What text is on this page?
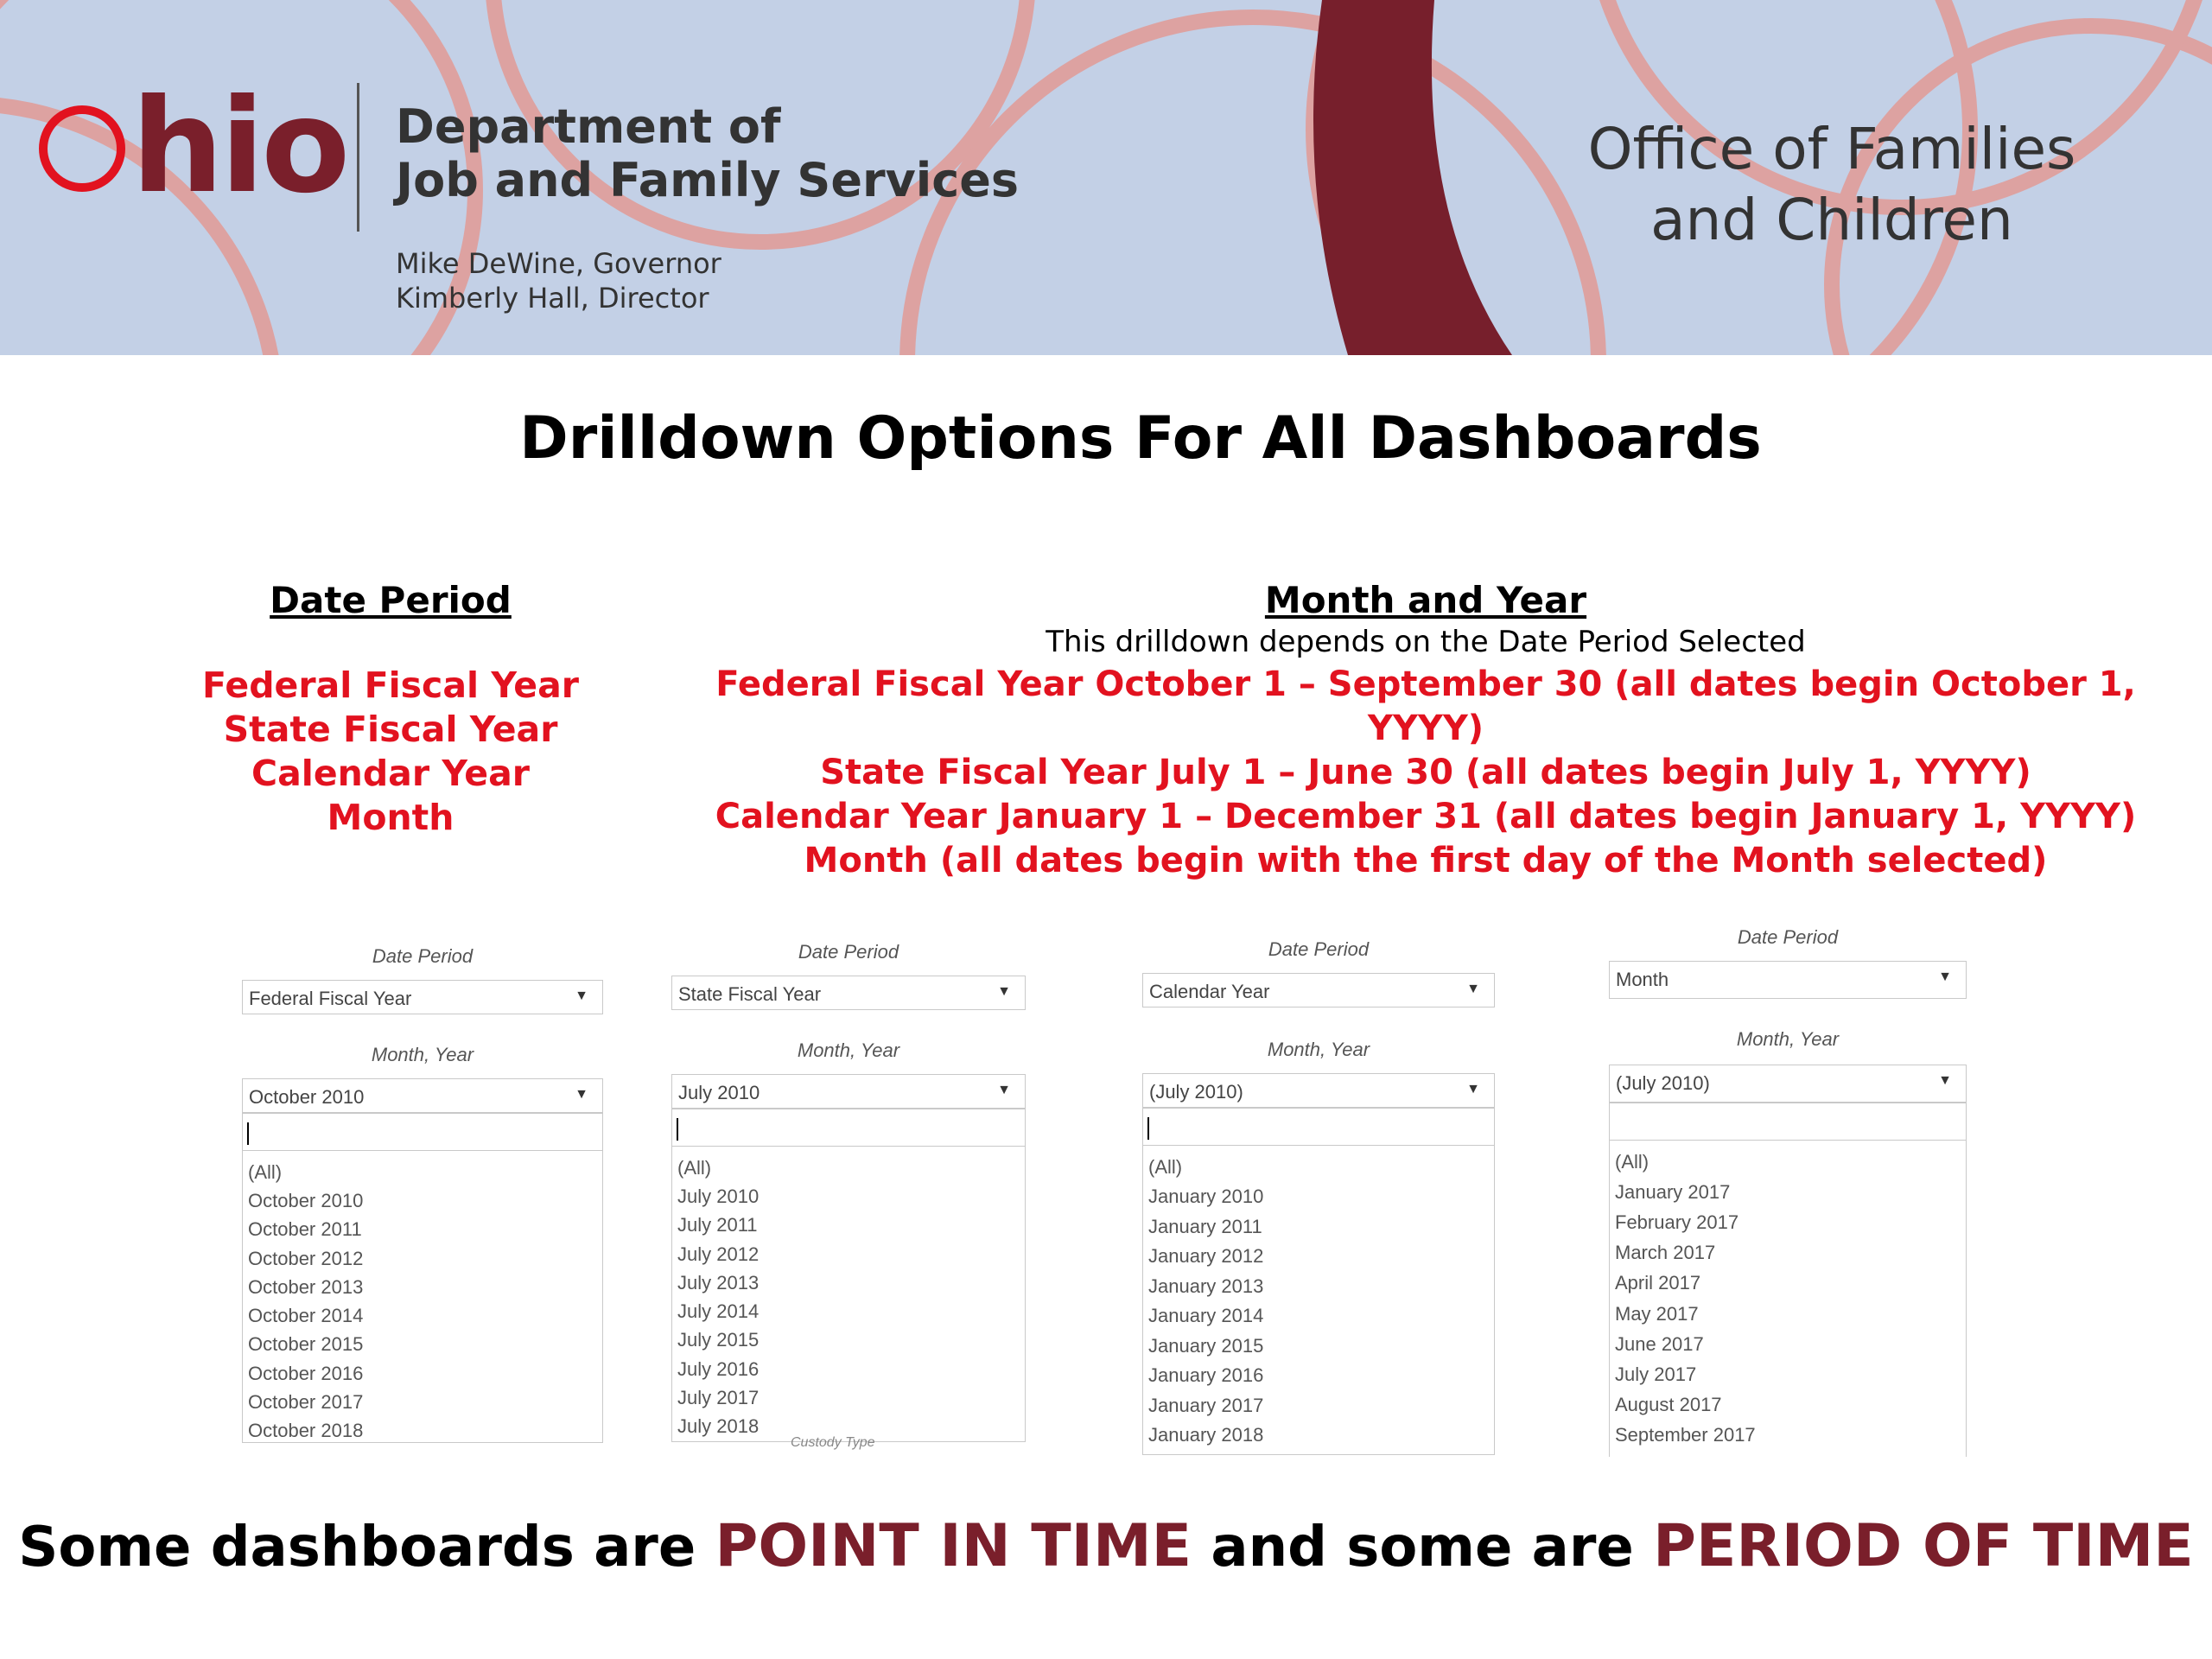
hio Department of
Job and Family Services
Mike DeWine, Governor
Kimberly Hall, Director
Office of Families
and Children
Drilldown Options For All Dashboards
Date Period	Month and Year
This drilldown depends on the Date Period Selected
Federal Fiscal Year
State Fiscal Year
Calendar Year
Month
Federal Fiscal Year October 1 – September 30 (all dates begin October 1, YYYY)
State Fiscal Year July 1 – June 30 (all dates begin July 1, YYYY)
Calendar Year January 1 – December 31 (all dates begin January 1, YYYY)
Month (all dates begin with the first day of the Month selected)
Date Period
Federal Fiscal Year	▼
Month, Year
October 2010	▼
(All)
October 2010
October 2011
October 2012
October 2013
October 2014
October 2015
October 2016
October 2017
October 2018
Date Period
State Fiscal Year	▼
Month, Year
July 2010	▼
(All)
July 2010
July 2011
July 2012
July 2013
July 2014
July 2015
July 2016
July 2017
July 2018
Custody Type
Date Period
Calendar Year	▼
Month, Year
(July 2010)	▼
(All)
January 2010
January 2011
January 2012
January 2013
January 2014
January 2015
January 2016
January 2017
January 2018
Date Period
Month	▼
Month, Year
(July 2010)	▼
(All)
January 2017
February 2017
March 2017
April 2017
May 2017
June 2017
July 2017
August 2017
September 2017
Some dashboards are POINT IN TIME and some are PERIOD OF TIME
